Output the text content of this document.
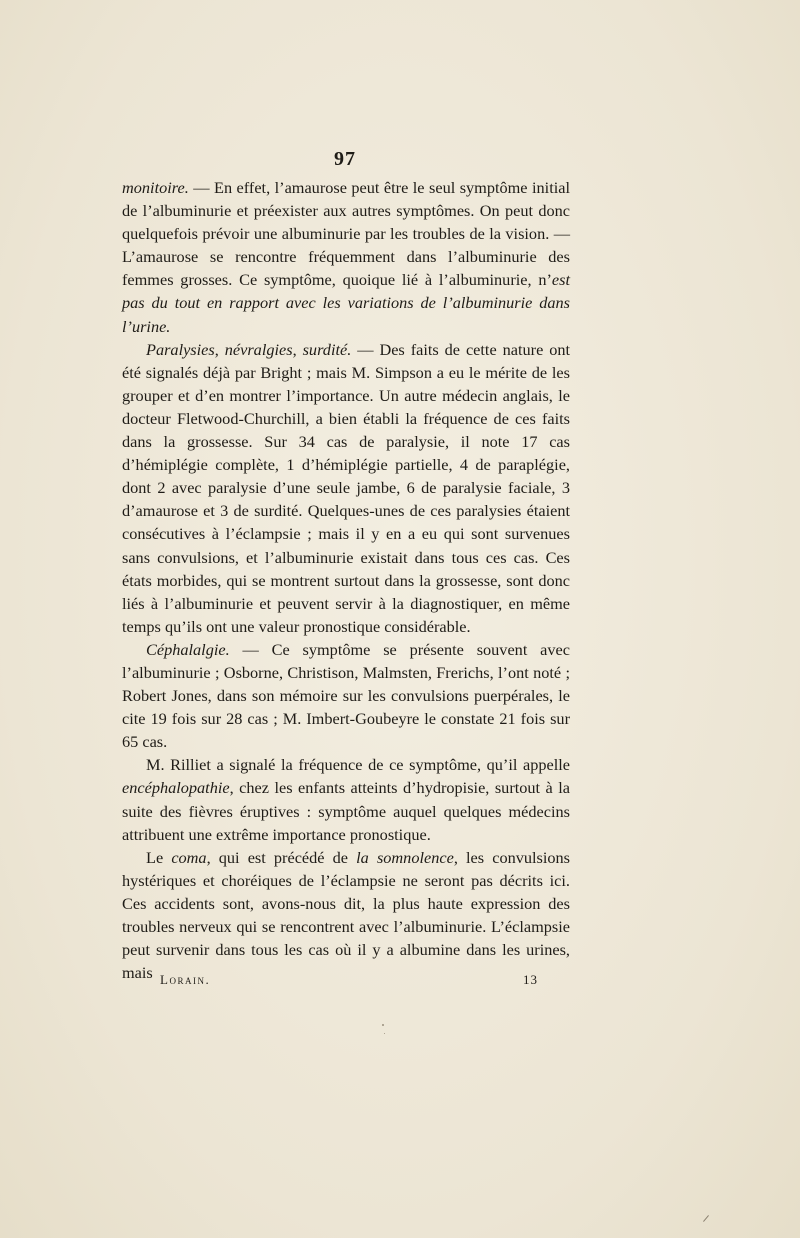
97

monitoire. — En effet, l’amaurose peut être le seul symptôme initial de l’albuminurie et préexister aux autres symptômes. On peut donc quelquefois prévoir une albuminurie par les troubles de la vision. — L’amaurose se rencontre fréquemment dans l’albuminurie des femmes grosses. Ce symptôme, quoique lié à l’albuminurie, n’est pas du tout en rapport avec les variations de l’albuminurie dans l’urine.

Paralysies, névralgies, surdité. — Des faits de cette nature ont été signalés déjà par Bright ; mais M. Simpson a eu le mérite de les grouper et d’en montrer l’importance. Un autre médecin anglais, le docteur Fletwood-Churchill, a bien établi la fréquence de ces faits dans la grossesse. Sur 34 cas de paralysie, il note 17 cas d’hémiplégie complète, 1 d’hémiplégie partielle, 4 de paraplégie, dont 2 avec paralysie d’une seule jambe, 6 de paralysie faciale, 3 d’amaurose et 3 de surdité. Quelques-unes de ces paralysies étaient consécutives à l’éclampsie ; mais il y en a eu qui sont survenues sans convulsions, et l’albuminurie existait dans tous ces cas. Ces états morbides, qui se montrent surtout dans la grossesse, sont donc liés à l’albuminurie et peuvent servir à la diagnostiquer, en même temps qu’ils ont une valeur pronostique considérable.

Céphalalgie. — Ce symptôme se présente souvent avec l’albuminurie ; Osborne, Christison, Malmsten, Frerichs, l’ont noté ; Robert Jones, dans son mémoire sur les convulsions puerpérales, le cite 19 fois sur 28 cas ; M. Imbert-Goubeyre le constate 21 fois sur 65 cas.

M. Rilliet a signalé la fréquence de ce symptôme, qu’il appelle encéphalopathie, chez les enfants atteints d’hydropisie, surtout à la suite des fièvres éruptives : symptôme auquel quelques médecins attribuent une extrême importance pronostique.

Le coma, qui est précédé de la somnolence, les convulsions hystériques et choréiques de l’éclampsie ne seront pas décrits ici. Ces accidents sont, avons-nous dit, la plus haute expression des troubles nerveux qui se rencontrent avec l’albuminurie. L’éclampsie peut survenir dans tous les cas où il y a albumine dans les urines, mais Lorain.	13
